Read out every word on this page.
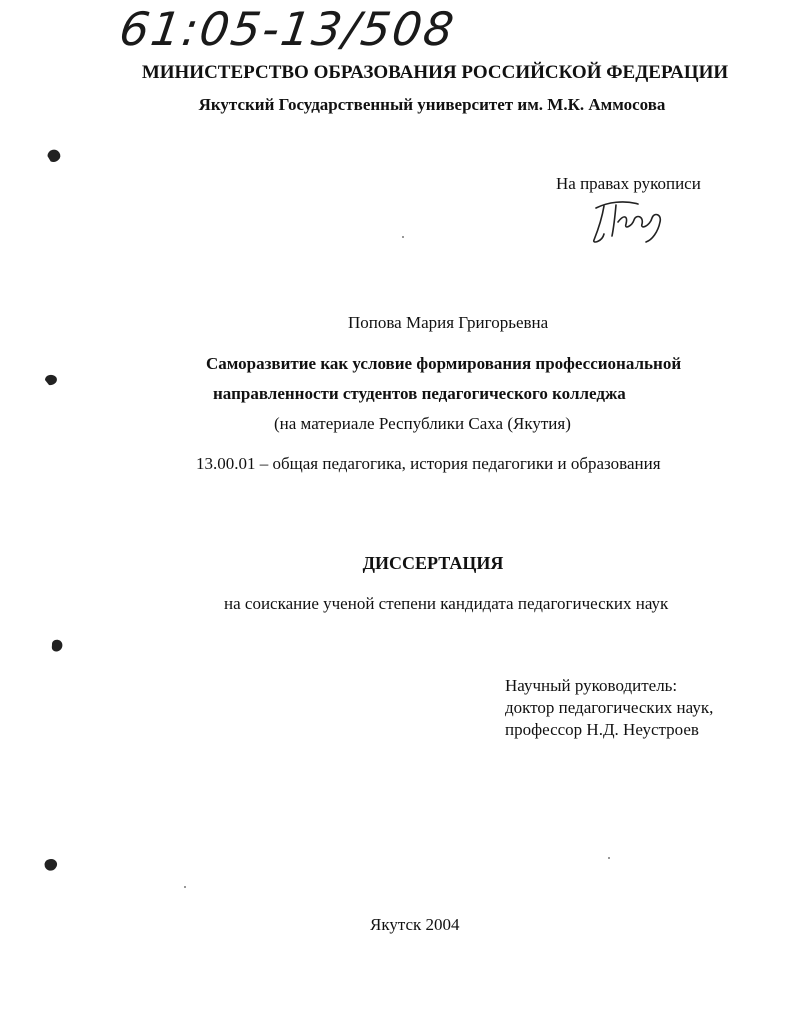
61:05-13/508
МИНИСТЕРСТВО ОБРАЗОВАНИЯ РОССИЙСКОЙ ФЕДЕРАЦИИ
Якутский Государственный университет им. М.К. Аммосова
На правах рукописи
Попова Мария Григорьевна
Саморазвитие как условие формирования профессиональной
направленности студентов педагогического колледжа
(на материале Республики Саха (Якутия)
13.00.01 – общая педагогика, история педагогики и образования
ДИССЕРТАЦИЯ
на соискание ученой степени кандидата педагогических наук
Научный руководитель:
доктор педагогических наук,
профессор Н.Д. Неустроев
Якутск 2004
